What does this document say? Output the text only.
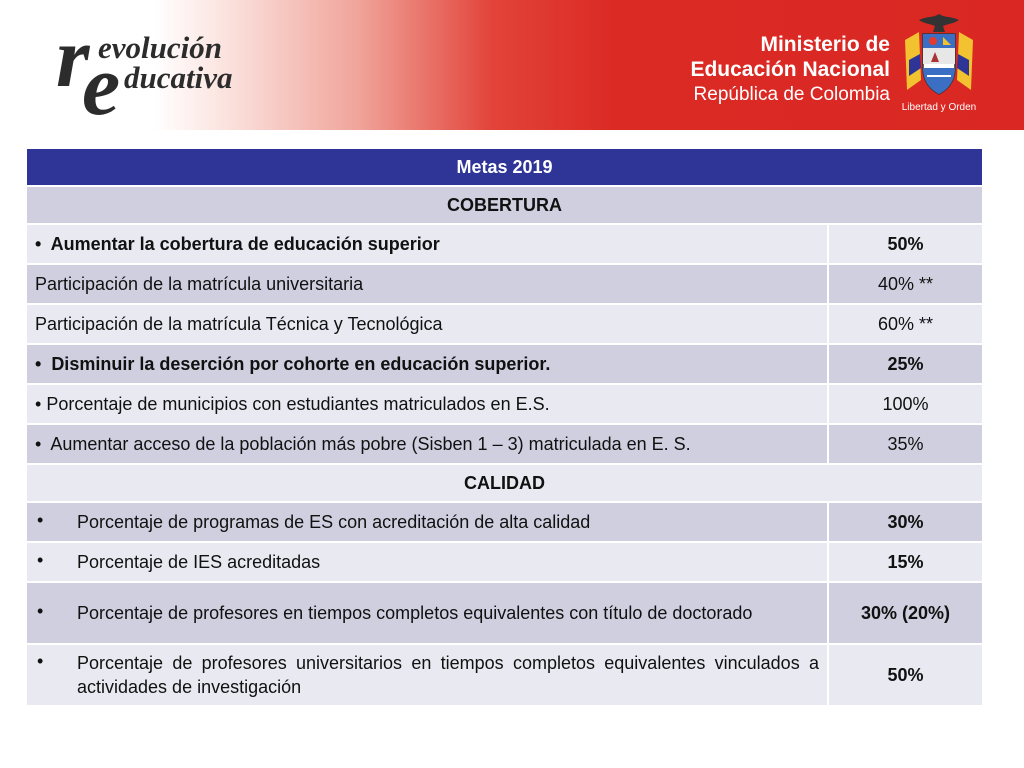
r
e
evolución
ducativa
Ministerio de
Educación Nacional
República de Colombia
Libertad y Orden
Metas 2019	
COBERTURA	
•  Aumentar la cobertura de educación superior	50%
Participación de la matrícula universitaria	40% **
Participación de la matrícula Técnica y Tecnológica	60% **
•  Disminuir la deserción por cohorte en educación superior.	25%
• Porcentaje de municipios con estudiantes matriculados en E.S.	100%
•  Aumentar acceso de la población más pobre (Sisben 1 – 3) matriculada en E. S.	35%
CALIDAD	

• Porcentaje de programas de ES con acreditación de alta calidad	30%

• Porcentaje de IES acreditadas	15%

• Porcentaje de profesores en tiempos completos equivalentes con título de doctorado	30% (20%)

• Porcentaje de profesores universitarios en tiempos completos equivalentes vinculados a actividades de investigación	50%
